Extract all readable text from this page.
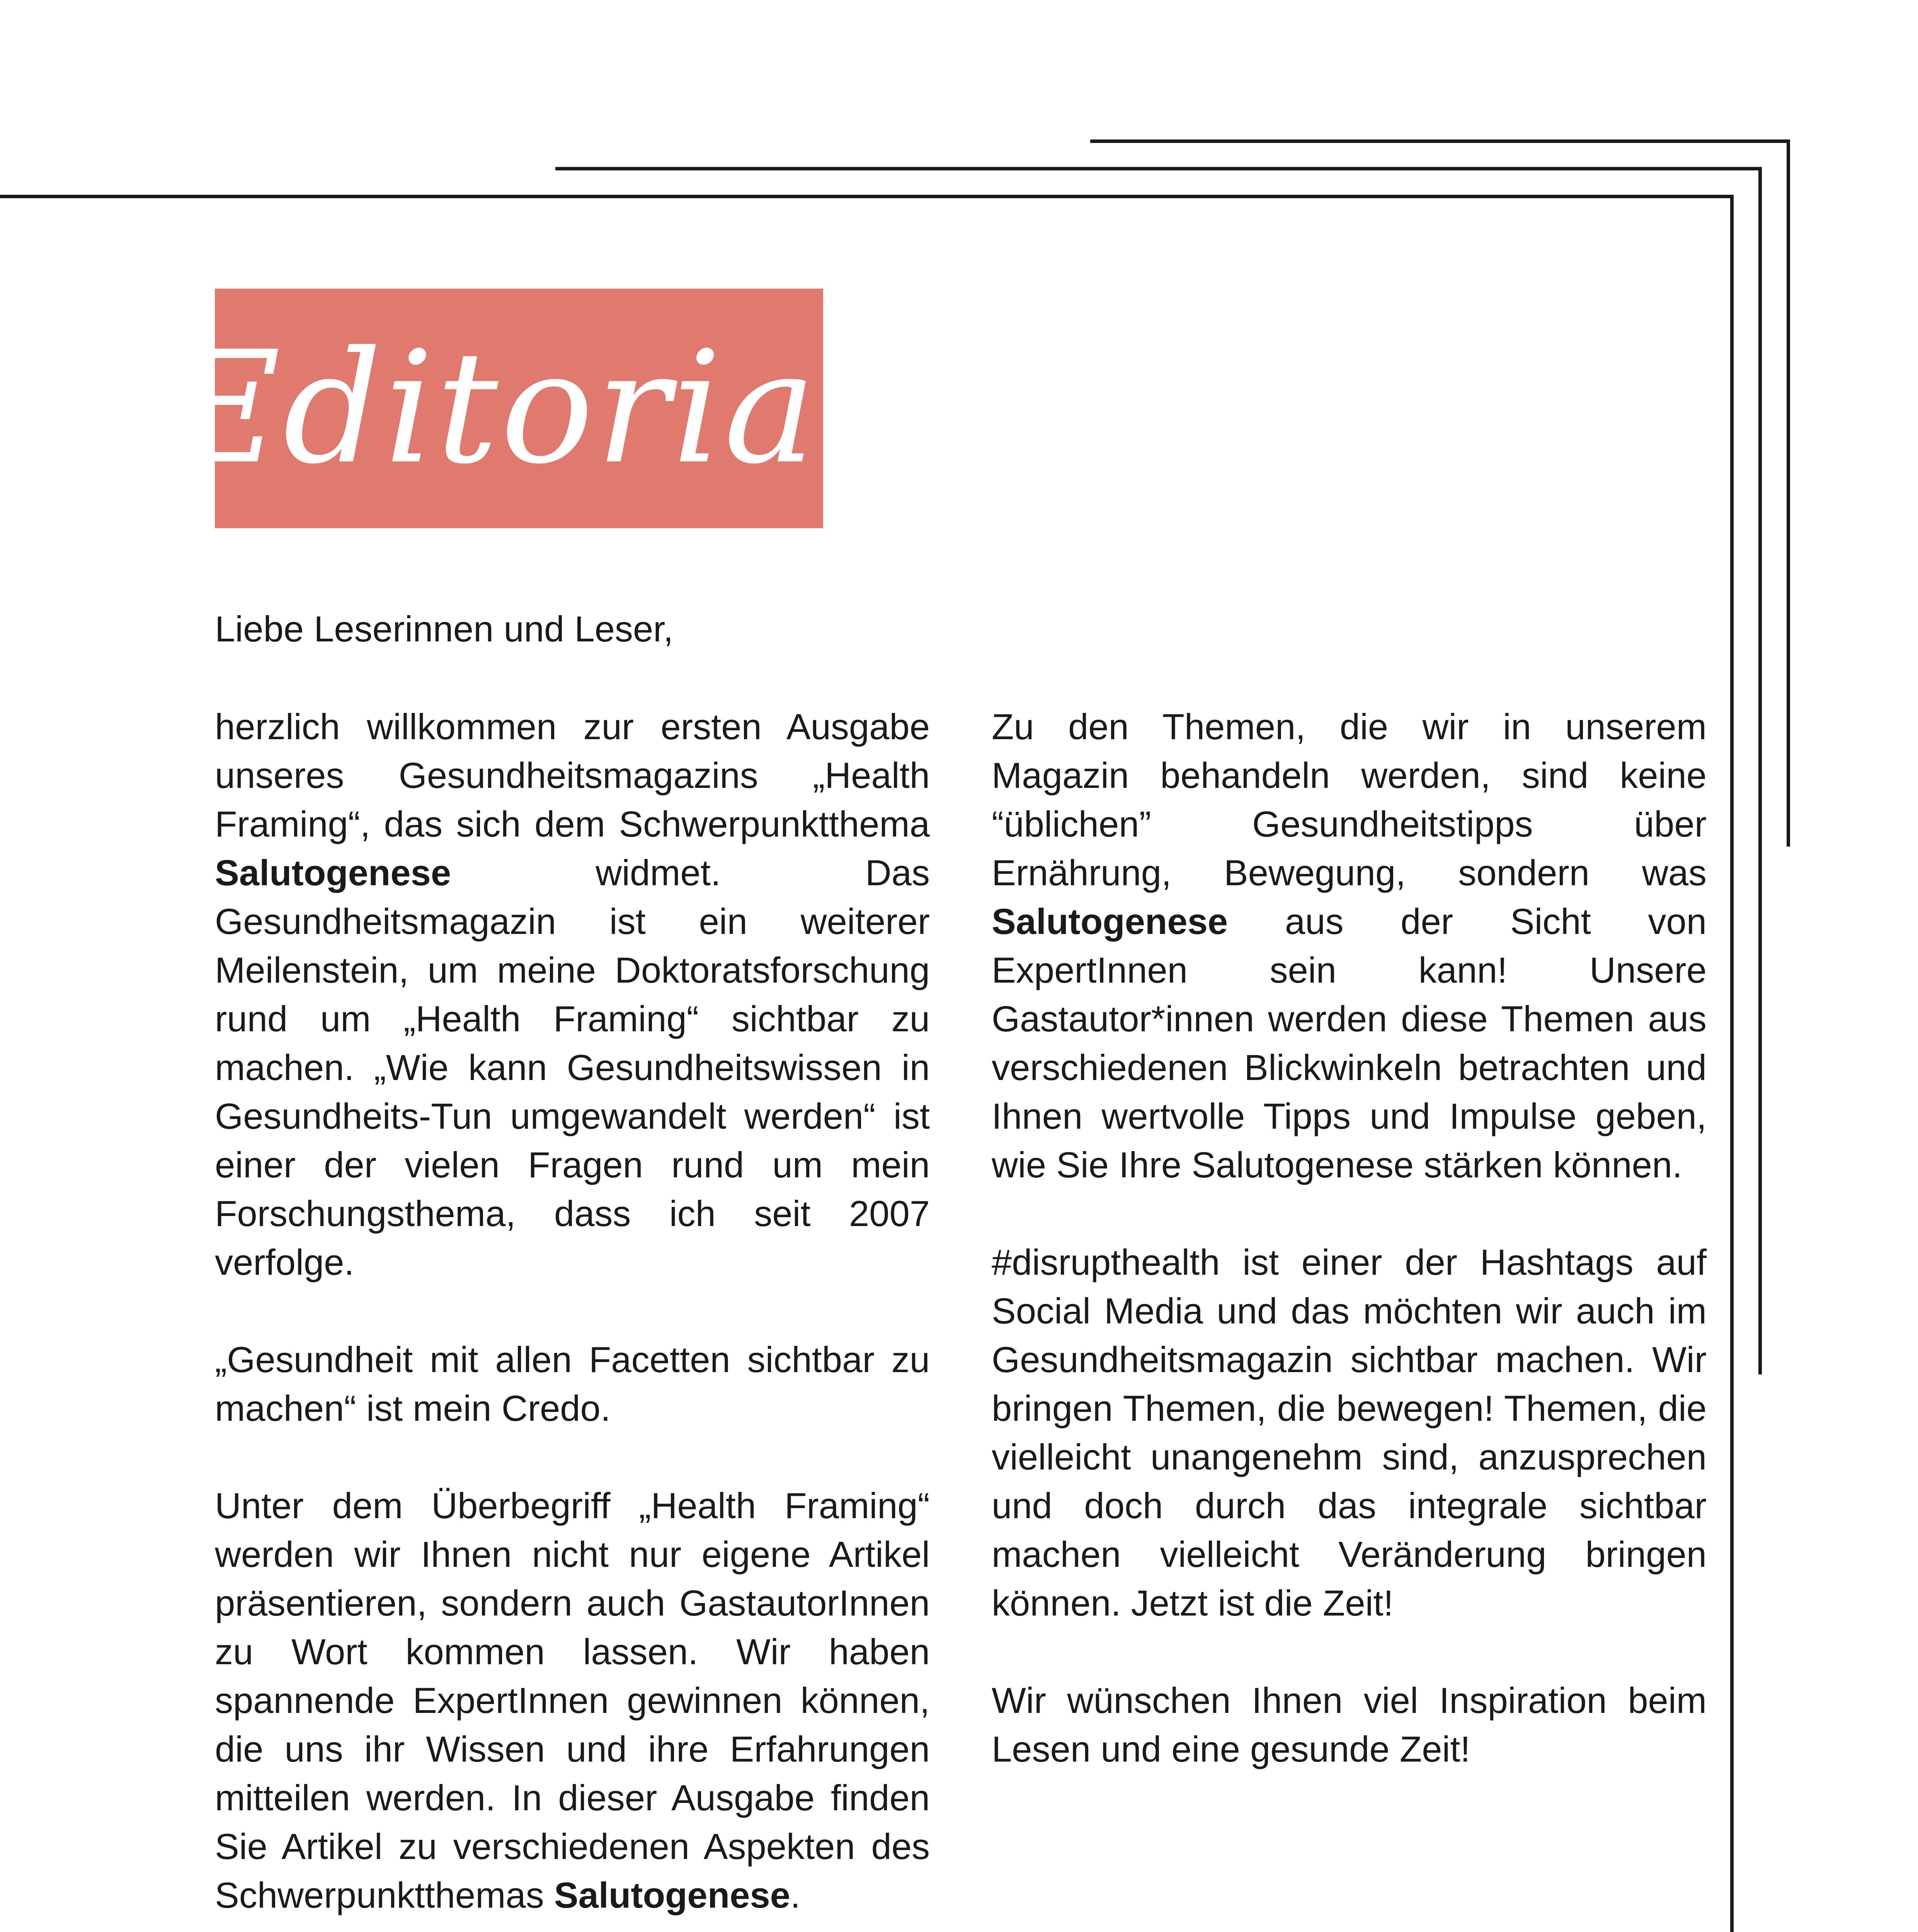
Editorial

Liebe Leserinnen und Leser,

herzlich willkommen zur ersten Ausgabe unseres Gesundheitsmagazins „Health Framing“, das sich dem Schwerpunktthema Salutogenese widmet. Das Gesundheitsmagazin ist ein weiterer Meilenstein, um meine Doktoratsforschung rund um „Health Framing“ sichtbar zu machen. „Wie kann Gesundheitswissen in Gesundheits-Tun umgewandelt werden“ ist einer der vielen Fragen rund um mein Forschungsthema, dass ich seit 2007 verfolge.

„Gesundheit mit allen Facetten sichtbar zu machen“ ist mein Credo.

Unter dem Überbegriff „Health Framing“ werden wir Ihnen nicht nur eigene Artikel präsentieren, sondern auch GastautorInnen zu Wort kommen lassen. Wir haben spannende ExpertInnen gewinnen können, die uns ihr Wissen und ihre Erfahrungen mitteilen werden. In dieser Ausgabe finden Sie Artikel zu verschiedenen Aspekten des Schwerpunktthemas Salutogenese.

Zu den Themen, die wir in unserem Magazin behandeln werden, sind keine “üblichen” Gesundheitstipps über Ernährung, Bewegung, sondern was Salutogenese aus der Sicht von ExpertInnen sein kann! Unsere Gastautor*innen werden diese Themen aus verschiedenen Blickwinkeln betrachten und Ihnen wertvolle Tipps und Impulse geben, wie Sie Ihre Salutogenese stärken können.

#disrupthealth ist einer der Hashtags auf Social Media und das möchten wir auch im Gesundheitsmagazin sichtbar machen. Wir bringen Themen, die bewegen! Themen, die vielleicht unangenehm sind, anzusprechen und doch durch das integrale sichtbar machen vielleicht Veränderung bringen können. Jetzt ist die Zeit!

Wir wünschen Ihnen viel Inspiration beim Lesen und eine gesunde Zeit!
